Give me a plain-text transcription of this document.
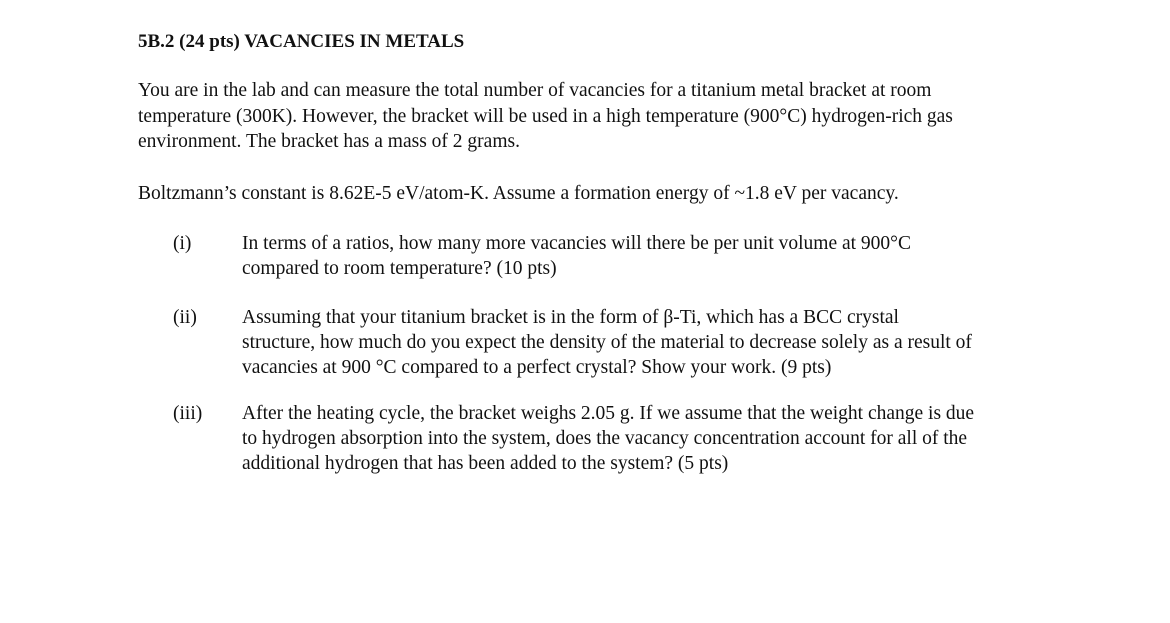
5B.2 (24 pts) VACANCIES IN METALS
You are in the lab and can measure the total number of vacancies for a titanium metal bracket at room
temperature (300K). However, the bracket will be used in a high temperature (900°C) hydrogen-rich gas
environment. The bracket has a mass of 2 grams.
Boltzmann’s constant is 8.62E-5 eV/atom-K. Assume a formation energy of ~1.8 eV per vacancy.
(i)	In terms of a ratios, how many more vacancies will there be per unit volume at 900°C
compared to room temperature? (10 pts)
(ii) Assuming that your titanium bracket is in the form of β-Ti, which has a BCC crystal
structure, how much do you expect the density of the material to decrease solely as a result of
vacancies at 900 °C compared to a perfect crystal? Show your work. (9 pts)
(iii) After the heating cycle, the bracket weighs 2.05 g. If we assume that the weight change is due
to hydrogen absorption into the system, does the vacancy concentration account for all of the
additional hydrogen that has been added to the system? (5 pts)
